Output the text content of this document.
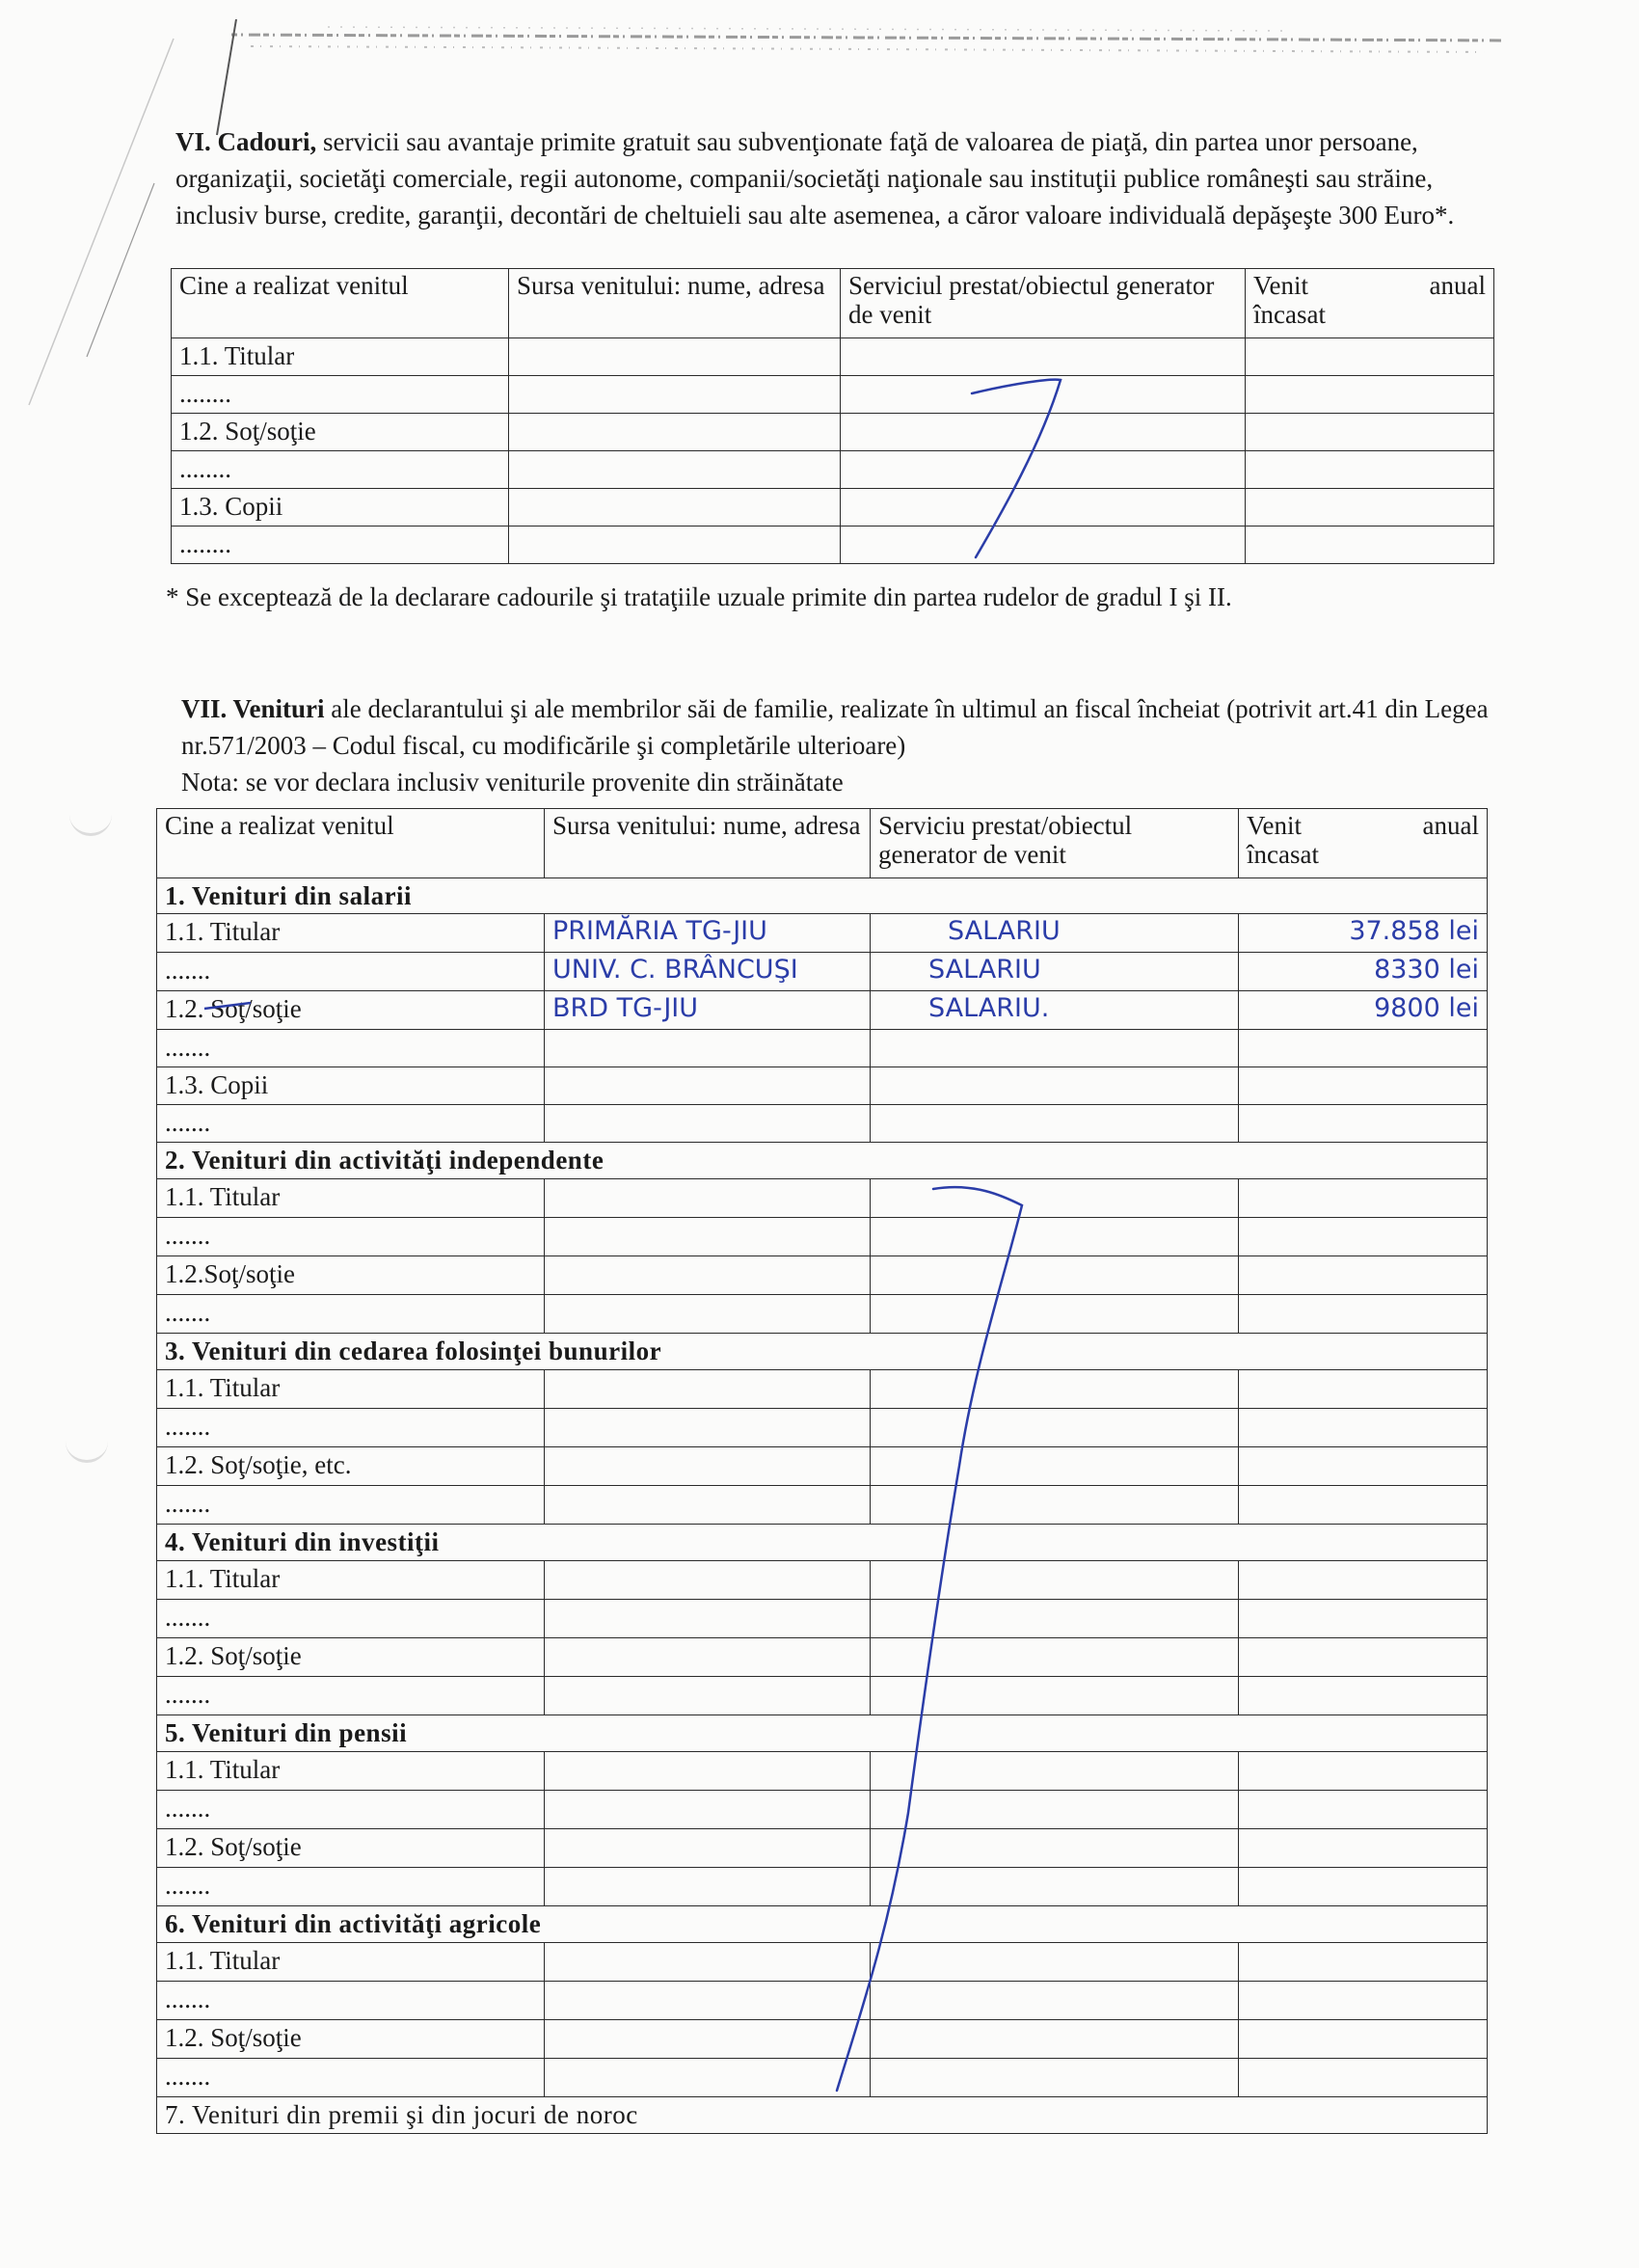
VI. Cadouri, servicii sau avantaje primite gratuit sau subvenţionate faţă de valoarea de piaţă, din partea unor persoane, organizaţii, societăţi comerciale, regii autonome, companii/societăţi naţionale sau instituţii publice româneşti sau străine, inclusiv burse, credite, garanţii, decontări de cheltuieli sau alte asemenea, a căror valoare individuală depăşeşte 300 Euro*.

Cine a realizat venitul	Sursa venitului: nume, adresa	Serviciul prestat/obiectul generator de venit	Venit anual
încasat
1.1. Titular			
........			
1.2. Soţ/soţie			
........			
1.3. Copii			
........			

* Se exceptează de la declarare cadourile şi trataţiile uzuale primite din partea rudelor de gradul I şi II.

VII. Venituri ale declarantului şi ale membrilor săi de familie, realizate în ultimul an fiscal încheiat (potrivit art.41 din Legea nr.571/2003 – Codul fiscal, cu modificările şi completările ulterioare)

Nota: se vor declara inclusiv veniturile provenite din străinătate

Cine a realizat venitul	Sursa venitului: nume, adresa	Serviciu prestat/obiectul generator de venit	Venit anual
încasat
1. Venituri din salarii			
1.1. Titular	PRIMĂRIA TG-JIU	SALARIU	37.858 lei
.......	UNIV. C. BRÂNCUŞI	SALARIU	8330 lei
1.2. Soţ/soţie	BRD TG-JIU	SALARIU.	9800 lei
.......			
1.3. Copii			
.......			
2. Venituri din activităţi independente			
1.1. Titular			
.......			
1.2.Soţ/soţie			
.......			
3. Venituri din cedarea folosinţei bunurilor			
1.1. Titular			
.......			
1.2. Soţ/soţie, etc.			
.......			
4. Venituri din investiţii			
1.1. Titular			
.......			
1.2. Soţ/soţie			
.......			
5. Venituri din pensii			
1.1. Titular			
.......			
1.2. Soţ/soţie			
.......			
6. Venituri din activităţi agricole			
1.1. Titular			
.......			
1.2. Soţ/soţie			
.......			
7. Venituri din premii şi din jocuri de noroc			
